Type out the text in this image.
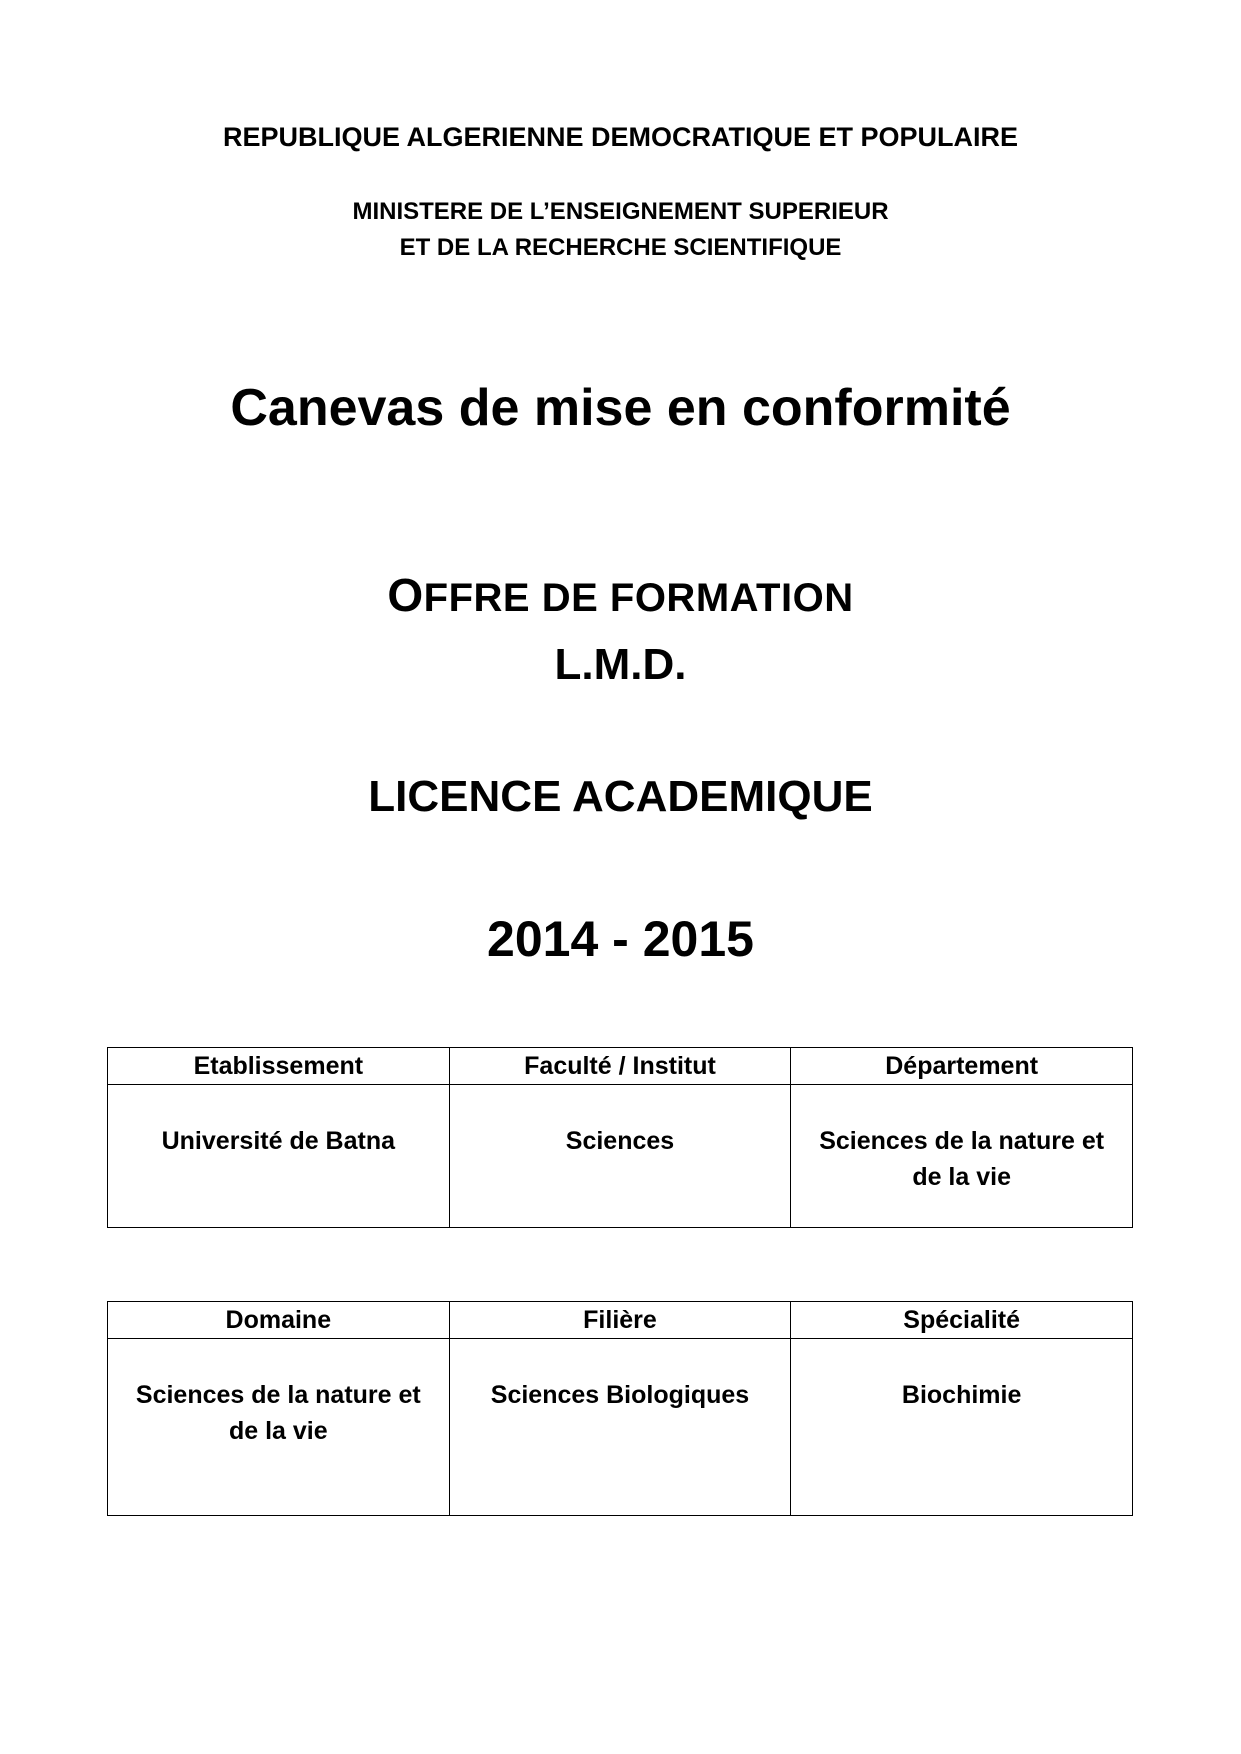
REPUBLIQUE ALGERIENNE DEMOCRATIQUE ET POPULAIRE
MINISTERE DE L’ENSEIGNEMENT SUPERIEUR
ET DE LA RECHERCHE SCIENTIFIQUE
Canevas de mise en conformité
OFFRE DE FORMATION
L.M.D.
LICENCE ACADEMIQUE
2014 - 2015
Etablissement	Faculté / Institut	Département
Université de Batna	Sciences	Sciences de la nature et de la vie
Domaine	Filière	Spécialité
Sciences de la nature et de la vie	Sciences Biologiques	Biochimie
